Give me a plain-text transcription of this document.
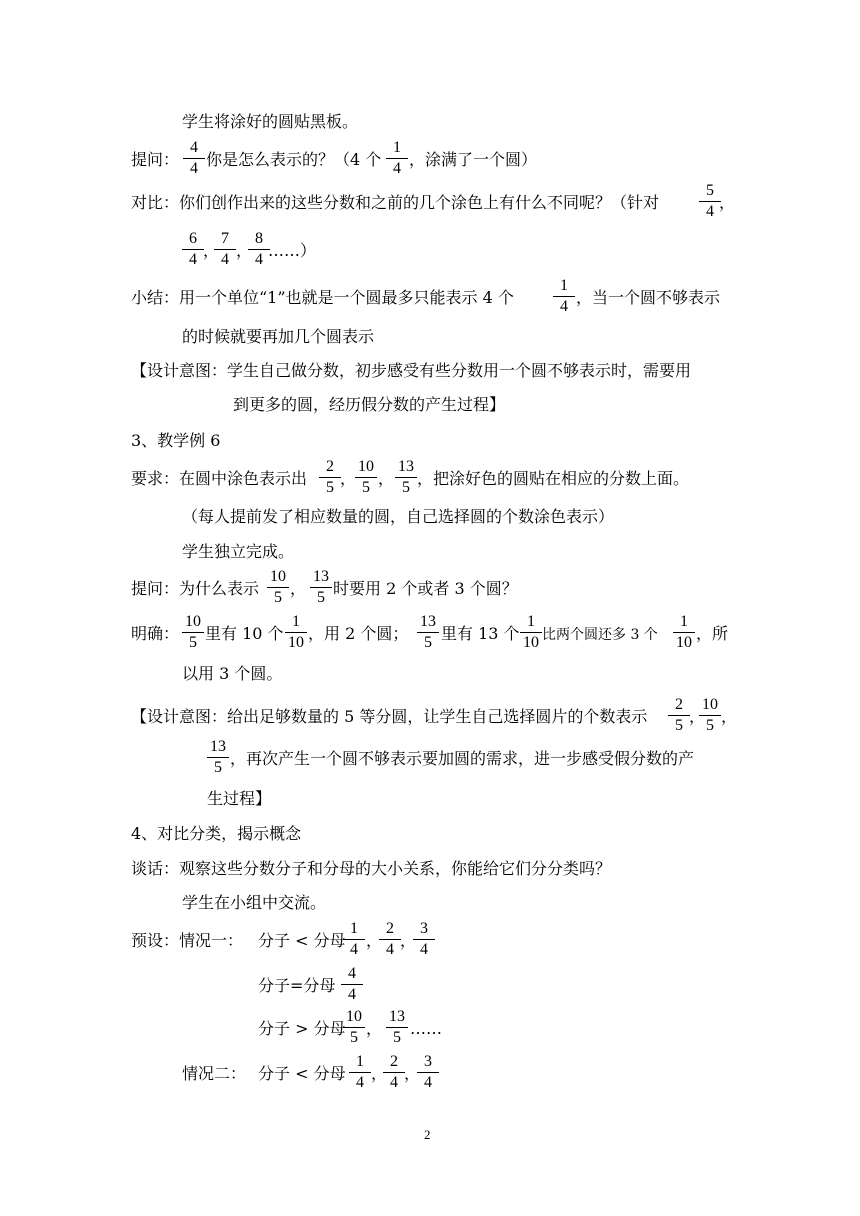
学生将涂好的圆贴黑板。
提问：
4
4 你是怎么表示的？（4 个
1
4 ，涂满了一个圆）
对比：你们创作出来的这些分数和之前的几个涂色上有什么不同呢？（针对
5
4 ，
6
4 ，
7
4 ，
8
4 ……）
小结：用一个单位“1”也就是一个圆最多只能表示 4 个
1
4 ，当一个圆不够表示
的时候就要再加几个圆表示
【设计意图：学生自己做分数，初步感受有些分数用一个圆不够表示时，需要用
到更多的圆，经历假分数的产生过程】
3、教学例 6
要求：在圆中涂色表示出
2
5 ，
10
5 ，
13
5 ，把涂好色的圆贴在相应的分数上面。
（每人提前发了相应数量的圆，自己选择圆的个数涂色表示）
学生独立完成。
提问：为什么表示
10
5 ，
13
5 时要用 2 个或者 3 个圆？
明确：
10
5 里有 10 个
1
10 ，用 2 个圆；
13
5 里有 13 个
1
10 比两个圆还多 3 个
1
10 ，所
以用 3 个圆。
【设计意图：给出足够数量的 5 等分圆，让学生自己选择圆片的个数表示
2
5 ，
10
5 ，
13
5 ，再次产生一个圆不够表示要加圆的需求，进一步感受假分数的产
生过程】
4、对比分类，揭示概念
谈话：观察这些分数分子和分母的大小关系，你能给它们分分类吗？
学生在小组中交流。
预设：情况一： 分子 < 分母
1
4 ，
2
4 ，
3
4
分子=分母
4
4
分子 > 分母
10
5 ，
13
5 ……
情况二： 分子 < 分母
1
4 ，
2
4 ，
3
4
2
